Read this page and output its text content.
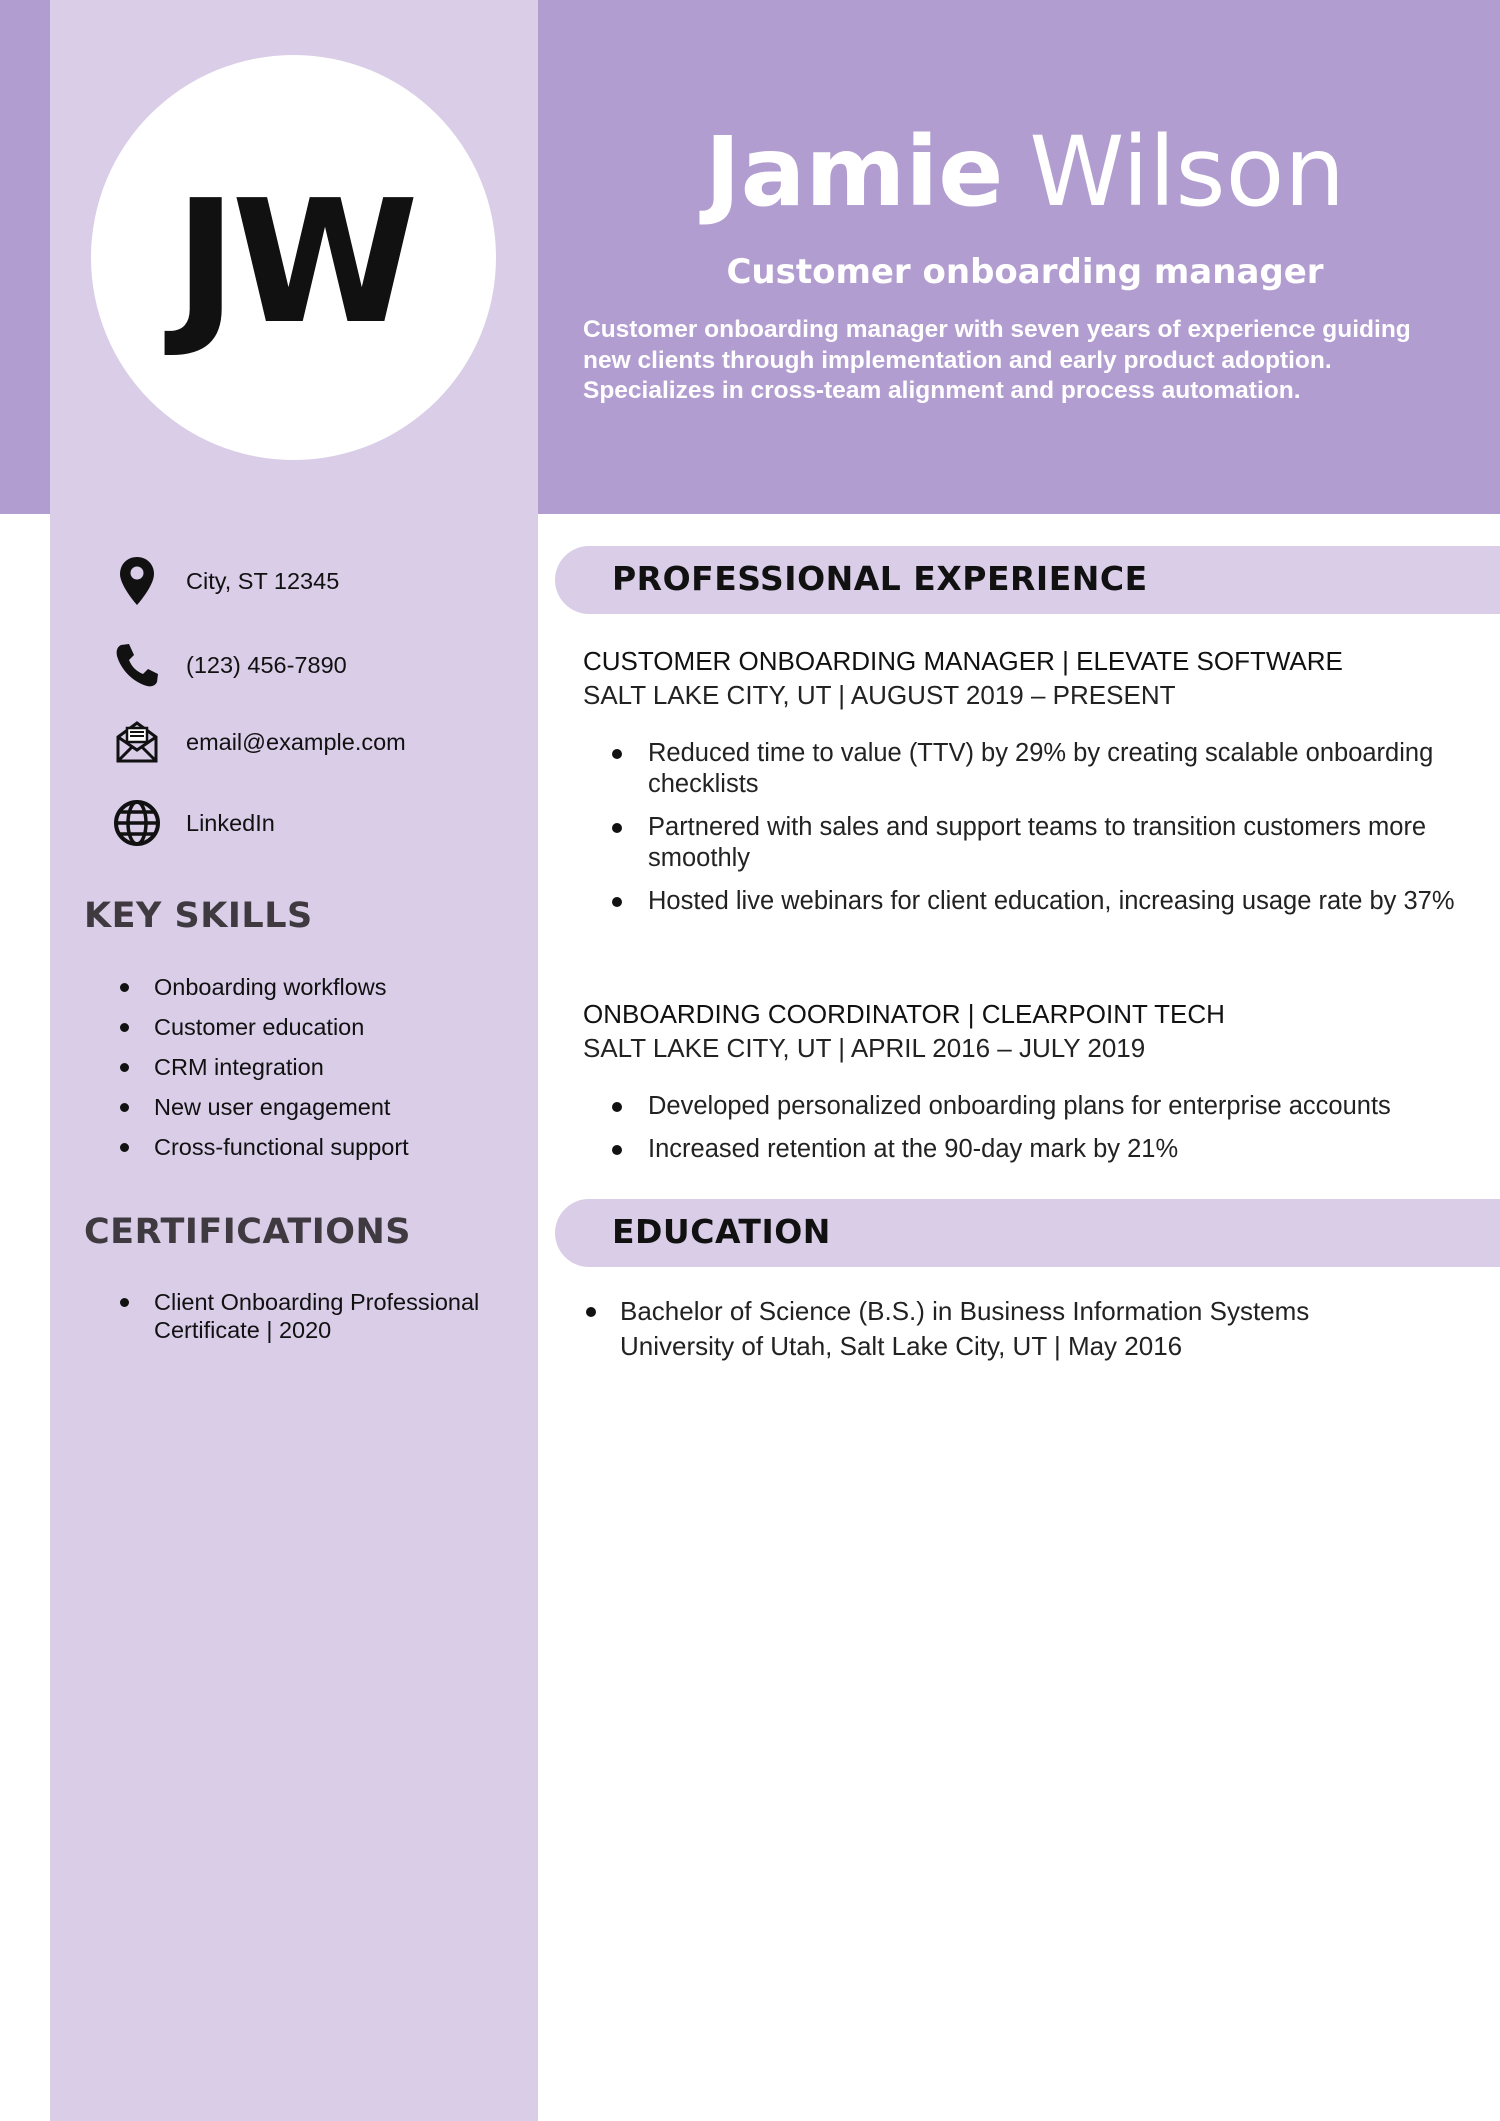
JW	Jamie Wilson
Customer onboarding manager
Customer onboarding manager with seven years of experience guiding new clients through implementation and early product adoption. Specializes in cross-team alignment and process automation.
City, ST 12345
(123) 456-7890
email@example.com
LinkedIn
KEY SKILLS
Onboarding workflows
Customer education
CRM integration
New user engagement
Cross-functional support
CERTIFICATIONS
Client Onboarding Professional Certificate | 2020
PROFESSIONAL EXPERIENCE
CUSTOMER ONBOARDING MANAGER | ELEVATE SOFTWARE
SALT LAKE CITY, UT | AUGUST 2019 – PRESENT
Reduced time to value (TTV) by 29% by creating scalable onboarding checklists
Partnered with sales and support teams to transition customers more smoothly
Hosted live webinars for client education, increasing usage rate by 37%
ONBOARDING COORDINATOR | CLEARPOINT TECH
SALT LAKE CITY, UT | APRIL 2016 – JULY 2019
Developed personalized onboarding plans for enterprise accounts
Increased retention at the 90-day mark by 21%
EDUCATION
Bachelor of Science (B.S.) in Business Information Systems
University of Utah, Salt Lake City, UT | May 2016
